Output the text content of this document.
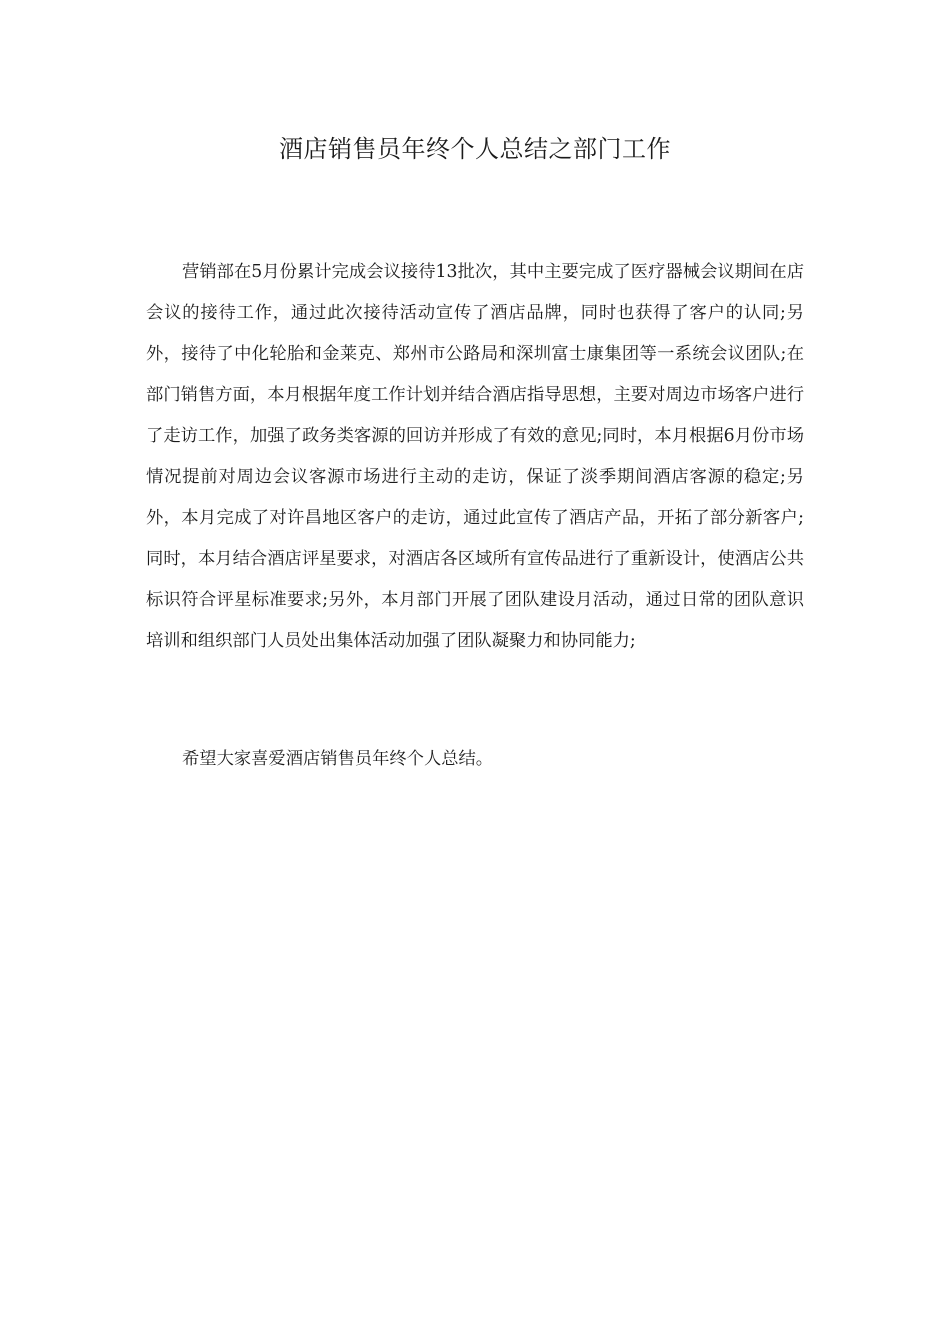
酒店销售员年终个人总结之部门工作

营销部在5月份累计完成会议接待13批次，其中主要完成了医疗器械会议期间在店会议的接待工作，通过此次接待活动宣传了酒店品牌，同时也获得了客户的认同;另外，接待了中化轮胎和金莱克、郑州市公路局和深圳富士康集团等一系统会议团队;在部门销售方面，本月根据年度工作计划并结合酒店指导思想，主要对周边市场客户进行了走访工作，加强了政务类客源的回访并形成了有效的意见;同时，本月根据6月份市场情况提前对周边会议客源市场进行主动的走访，保证了淡季期间酒店客源的稳定;另外，本月完成了对许昌地区客户的走访，通过此宣传了酒店产品，开拓了部分新客户;同时，本月结合酒店评星要求，对酒店各区域所有宣传品进行了重新设计，使酒店公共标识符合评星标准要求;另外，本月部门开展了团队建设月活动，通过日常的团队意识培训和组织部门人员处出集体活动加强了团队凝聚力和协同能力;

希望大家喜爱酒店销售员年终个人总结。
